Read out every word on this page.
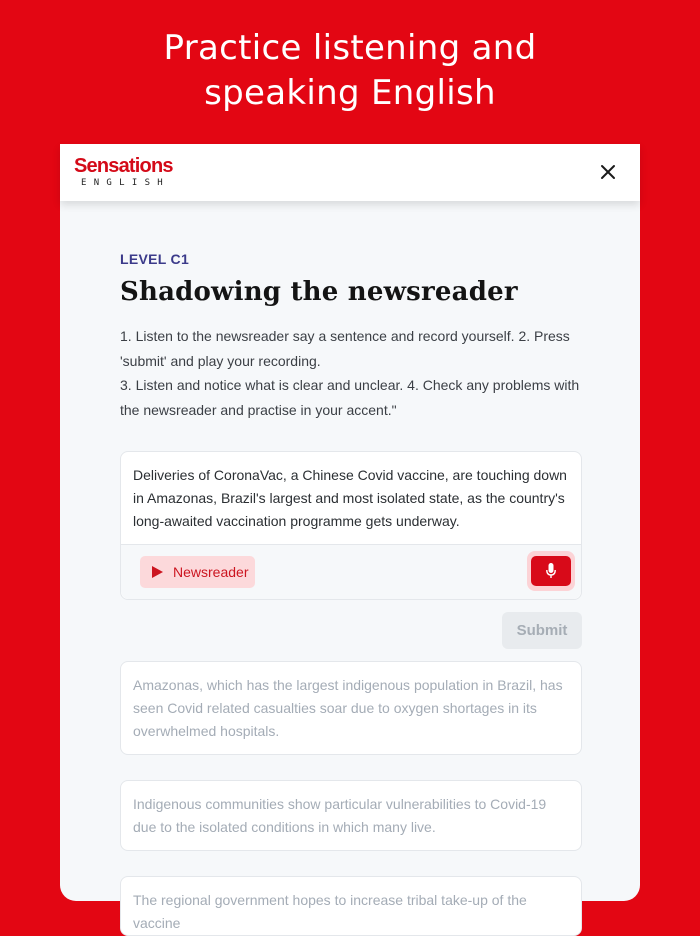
Practice listening and
speaking English
Sensations
ENGLISH
LEVEL C1
Shadowing the newsreader
1. Listen to the newsreader say a sentence and record yourself. 2. Press 'submit' and play your recording.
3. Listen and notice what is clear and unclear. 4. Check any problems with the newsreader and practise in your accent."
Deliveries of CoronaVac, a Chinese Covid vaccine, are touching down in Amazonas, Brazil's largest and most isolated state, as the country's long-awaited vaccination programme gets underway.
Newsreader
Submit
Amazonas, which has the largest indigenous population in Brazil, has seen Covid related casualties soar due to oxygen shortages in its overwhelmed hospitals.
Indigenous communities show particular vulnerabilities to Covid-19 due to the isolated conditions in which many live.
The regional government hopes to increase tribal take-up of the vaccine
